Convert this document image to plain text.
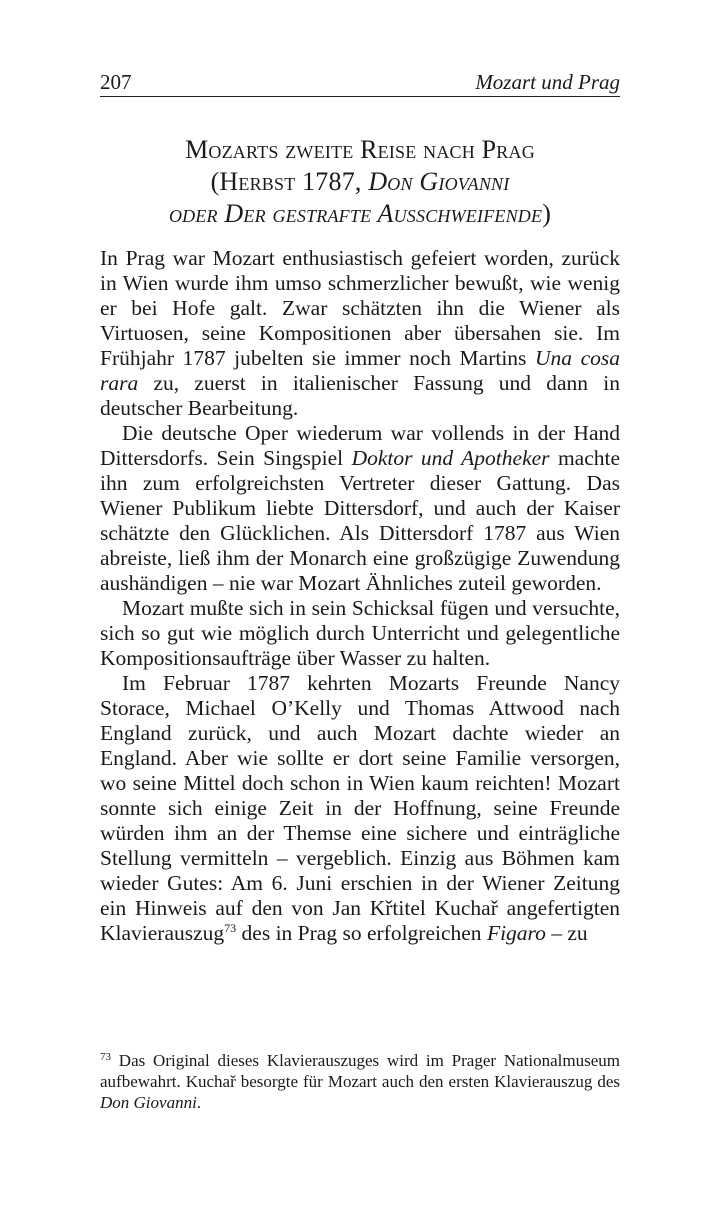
207	Mozart und Prag
Mozarts zweite Reise nach Prag
(Herbst 1787, Don Giovanni
oder Der gestrafte Ausschweifende)

In Prag war Mozart enthusiastisch gefeiert worden, zurück in Wien wurde ihm umso schmerzlicher bewußt, wie wenig er bei Hofe galt. Zwar schätzten ihn die Wiener als Virtuosen, seine Kompositionen aber übersahen sie. Im Frühjahr 1787 jubelten sie immer noch Martins Una cosa rara zu, zuerst in italienischer Fassung und dann in deutscher Bearbeitung.

Die deutsche Oper wiederum war vollends in der Hand Dittersdorfs. Sein Singspiel Doktor und Apotheker machte ihn zum erfolgreichsten Vertreter dieser Gattung. Das Wiener Publikum liebte Dittersdorf, und auch der Kaiser schätzte den Glücklichen. Als Dittersdorf 1787 aus Wien abreiste, ließ ihm der Monarch eine großzügige Zuwendung aushändigen – nie war Mozart Ähnliches zuteil geworden.

Mozart mußte sich in sein Schicksal fügen und versuchte, sich so gut wie möglich durch Unterricht und gelegentliche Kompositionsaufträge über Wasser zu halten.

Im Februar 1787 kehrten Mozarts Freunde Nancy Storace, Michael O’Kelly und Thomas Attwood nach England zurück, und auch Mozart dachte wieder an England. Aber wie sollte er dort seine Familie versorgen, wo seine Mittel doch schon in Wien kaum reichten! Mozart sonnte sich einige Zeit in der Hoffnung, seine Freunde würden ihm an der Themse eine sichere und einträgliche Stellung vermitteln – vergeblich. Einzig aus Böhmen kam wieder Gutes: Am 6. Juni erschien in der Wiener Zeitung ein Hinweis auf den von Jan Křtitel Kuchař angefertigten Klavierauszug$^{73}$ des in Prag so erfolgreichen Figaro – zu

$^{73}$ Das Original dieses Klavierauszuges wird im Prager Nationalmuseum aufbewahrt. Kuchař besorgte für Mozart auch den ersten Klavierauszug des Don Giovanni.
